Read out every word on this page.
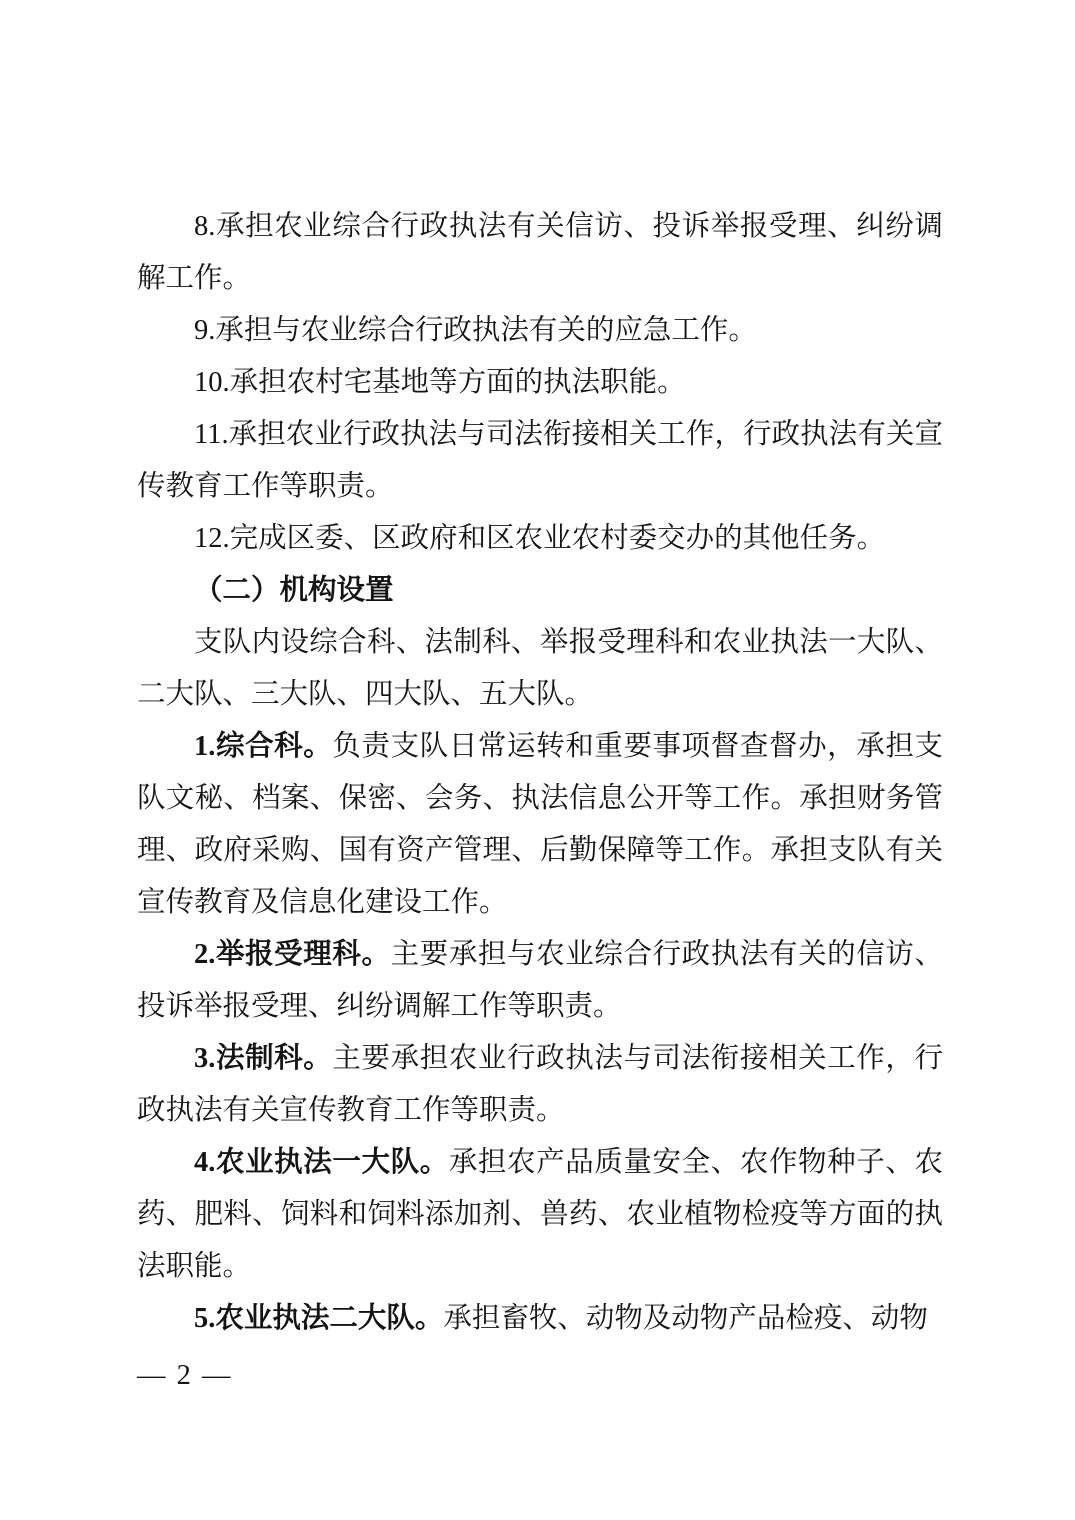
8.承担农业综合行政执法有关信访、投诉举报受理、纠纷调解工作。

9.承担与农业综合行政执法有关的应急工作。

10.承担农村宅基地等方面的执法职能。

11.承担农业行政执法与司法衔接相关工作，行政执法有关宣传教育工作等职责。

12.完成区委、区政府和区农业农村委交办的其他任务。

（二）机构设置

支队内设综合科、法制科、举报受理科和农业执法一大队、二大队、三大队、四大队、五大队。

1.综合科。负责支队日常运转和重要事项督查督办，承担支队文秘、档案、保密、会务、执法信息公开等工作。承担财务管理、政府采购、国有资产管理、后勤保障等工作。承担支队有关宣传教育及信息化建设工作。

2.举报受理科。主要承担与农业综合行政执法有关的信访、投诉举报受理、纠纷调解工作等职责。

3.法制科。主要承担农业行政执法与司法衔接相关工作，行政执法有关宣传教育工作等职责。

4.农业执法一大队。承担农产品质量安全、农作物种子、农药、肥料、饲料和饲料添加剂、兽药、农业植物检疫等方面的执法职能。

5.农业执法二大队。承担畜牧、动物及动物产品检疫、动物

— 2 —
